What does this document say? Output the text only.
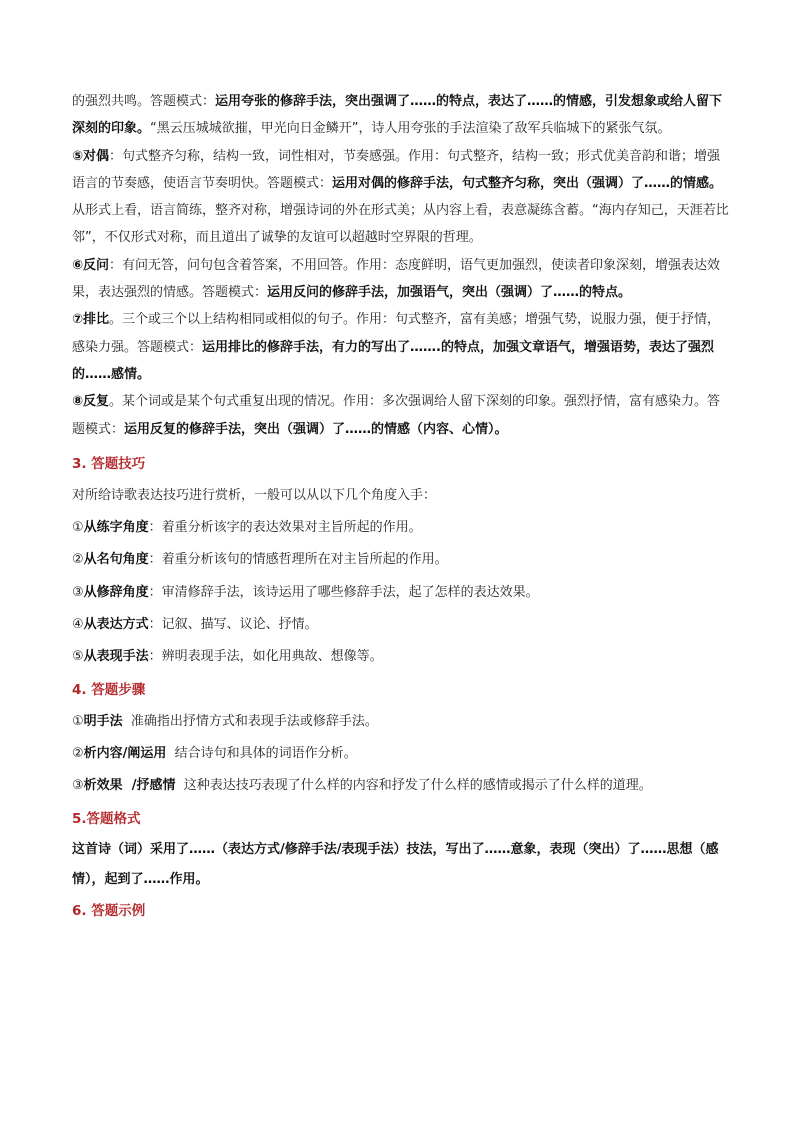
的强烈共鸣。答题模式：运用夸张的修辞手法，突出强调了……的特点，表达了……的情感，引发想象或给人留下深刻的印象。“黑云压城城欲摧，甲光向日金鳞开”，诗人用夸张的手法渲染了敌军兵临城下的紧张气氛。

⑤对偶：句式整齐匀称，结构一致，词性相对，节奏感强。作用：句式整齐，结构一致；形式优美音韵和谐；增强语言的节奏感，使语言节奏明快。答题模式：运用对偶的修辞手法，句式整齐匀称，突出（强调）了……的情感。从形式上看，语言简练，整齐对称，增强诗词的外在形式美；从内容上看，表意凝练含蓄。“海内存知己，天涯若比邻”，不仅形式对称，而且道出了诚挚的友谊可以超越时空界限的哲理。

⑥反问：有问无答，问句包含着答案，不用回答。作用：态度鲜明，语气更加强烈，使读者印象深刻，增强表达效果，表达强烈的情感。答题模式：运用反问的修辞手法，加强语气，突出（强调）了……的特点。

⑦排比。三个或三个以上结构相同或相似的句子。作用：句式整齐，富有美感；增强气势，说服力强，便于抒情，感染力强。答题模式：运用排比的修辞手法，有力的写出了…….的特点，加强文章语气，增强语势，表达了强烈的……感情。

⑧反复。某个词或是某个句式重复出现的情况。作用：多次强调给人留下深刻的印象。强烈抒情，富有感染力。答题模式：运用反复的修辞手法，突出（强调）了……的情感（内容、心情）。

3. 答题技巧

对所给诗歌表达技巧进行赏析，一般可以从以下几个角度入手：

①从练字角度：着重分析该字的表达效果对主旨所起的作用。

②从名句角度：着重分析该句的情感哲理所在对主旨所起的作用。

③从修辞角度：审清修辞手法，该诗运用了哪些修辞手法，起了怎样的表达效果。

④从表达方式：记叙、描写、议论、抒情。

⑤从表现手法：辨明表现手法，如化用典故、想像等。

4. 答题步骤

①明手法  准确指出抒情方式和表现手法或修辞手法。

②析内容/阐运用  结合诗句和具体的词语作分析。

③析效果  /抒感情  这种表达技巧表现了什么样的内容和抒发了什么样的感情或揭示了什么样的道理。

5.答题格式

这首诗（词）采用了……（表达方式/修辞手法/表现手法）技法，写出了……意象，表现（突出）了……思想（感情），起到了……作用。

6. 答题示例
